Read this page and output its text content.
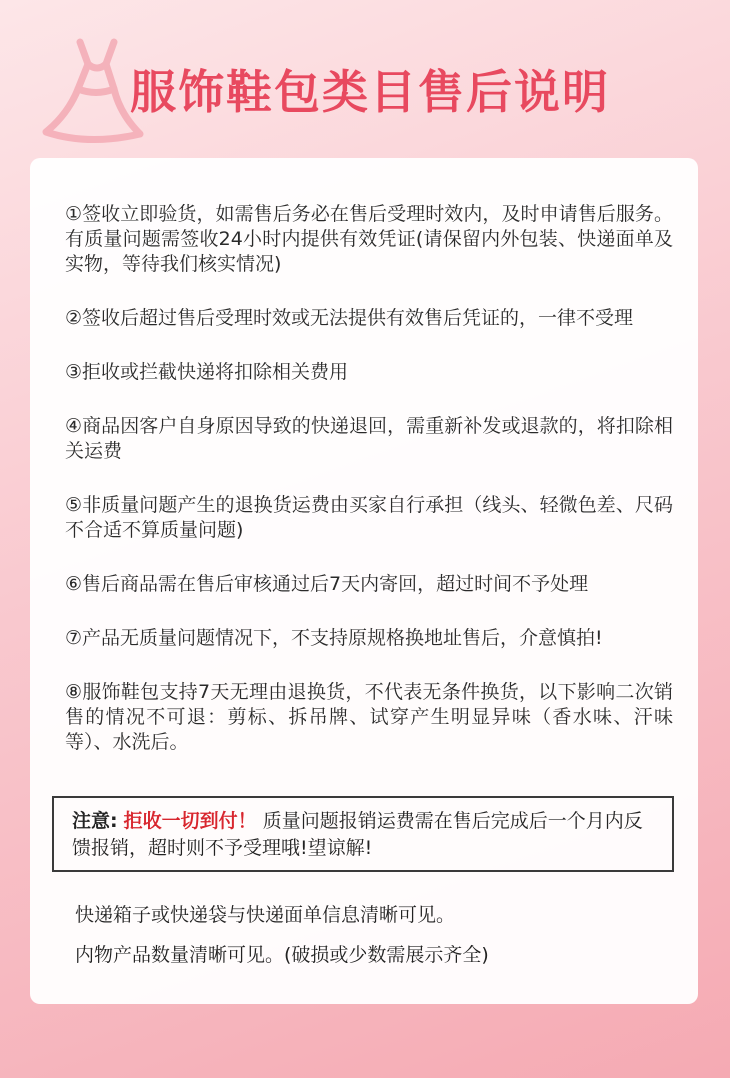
服饰鞋包类目售后说明
①签收立即验货，如需售后务必在售后受理时效内，及时申请售后服务。有质量问题需签收24小时内提供有效凭证(请保留内外包装、快递面单及实物，等待我们核实情况)
②签收后超过售后受理时效或无法提供有效售后凭证的，一律不受理
③拒收或拦截快递将扣除相关费用
④商品因客户自身原因导致的快递退回，需重新补发或退款的，将扣除相关运费
⑤非质量问题产生的退换货运费由买家自行承担（线头、轻微色差、尺码不合适不算质量问题)
⑥售后商品需在售后审核通过后7天内寄回，超过时间不予处理
⑦产品无质量问题情况下，不支持原规格换地址售后，介意慎拍!
⑧服饰鞋包支持7天无理由退换货，不代表无条件换货，以下影响二次销售的情况不可退：剪标、拆吊牌、试穿产生明显异味（香水味、汗味等）、水洗后。
注意: 拒收一切到付！ 质量问题报销运费需在售后完成后一个月内反馈报销，超时则不予受理哦!望谅解!

快递箱子或快递袋与快递面单信息清晰可见。

内物产品数量清晰可见。(破损或少数需展示齐全)
